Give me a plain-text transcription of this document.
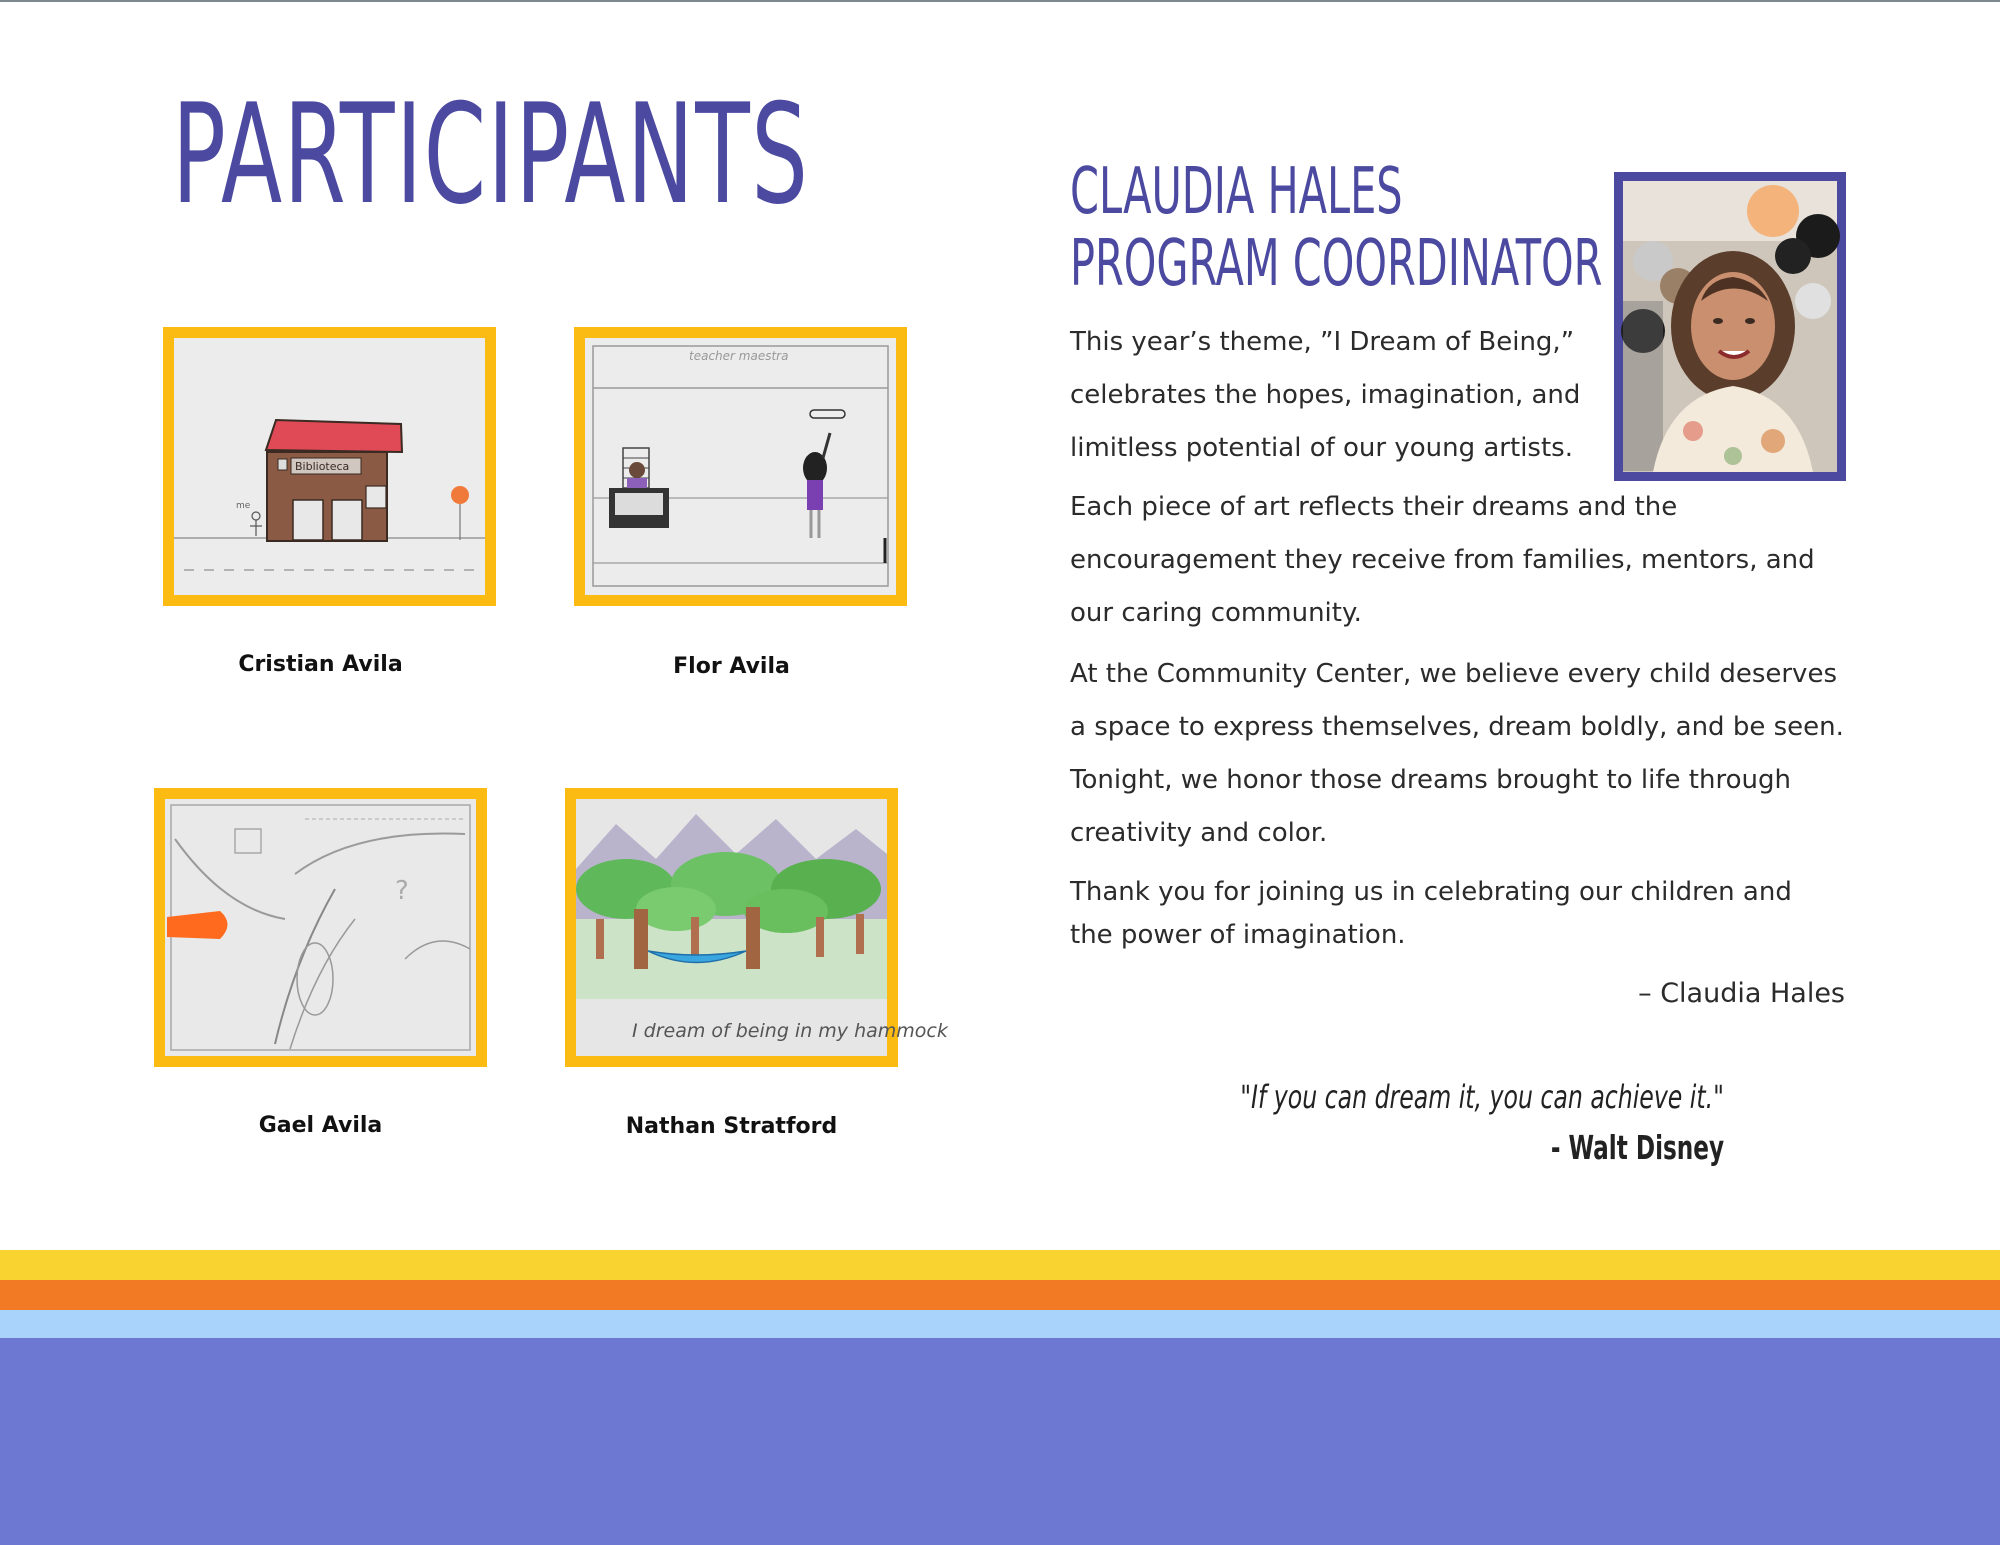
PARTICIPANTS
Biblioteca
me
Cristian Avila
teacher maestra
Flor Avila
?
Gael Avila
I dream of being in my hammock
Nathan Stratford
CLAUDIA HALES
PROGRAM COORDINATOR

This year’s theme, ”I Dream of Being,”
celebrates the hopes, imagination, and
limitless potential of our young artists.

Each piece of art reflects their dreams and the
encouragement they receive from families, mentors, and
our caring community.

At the Community Center, we believe every child deserves
a space to express themselves, dream boldly, and be seen.
Tonight, we honor those dreams brought to life through
creativity and color.

Thank you for joining us in celebrating our children and
the power of imagination.

– Claudia Hales
"If you can dream it, you can achieve it."
- Walt Disney
